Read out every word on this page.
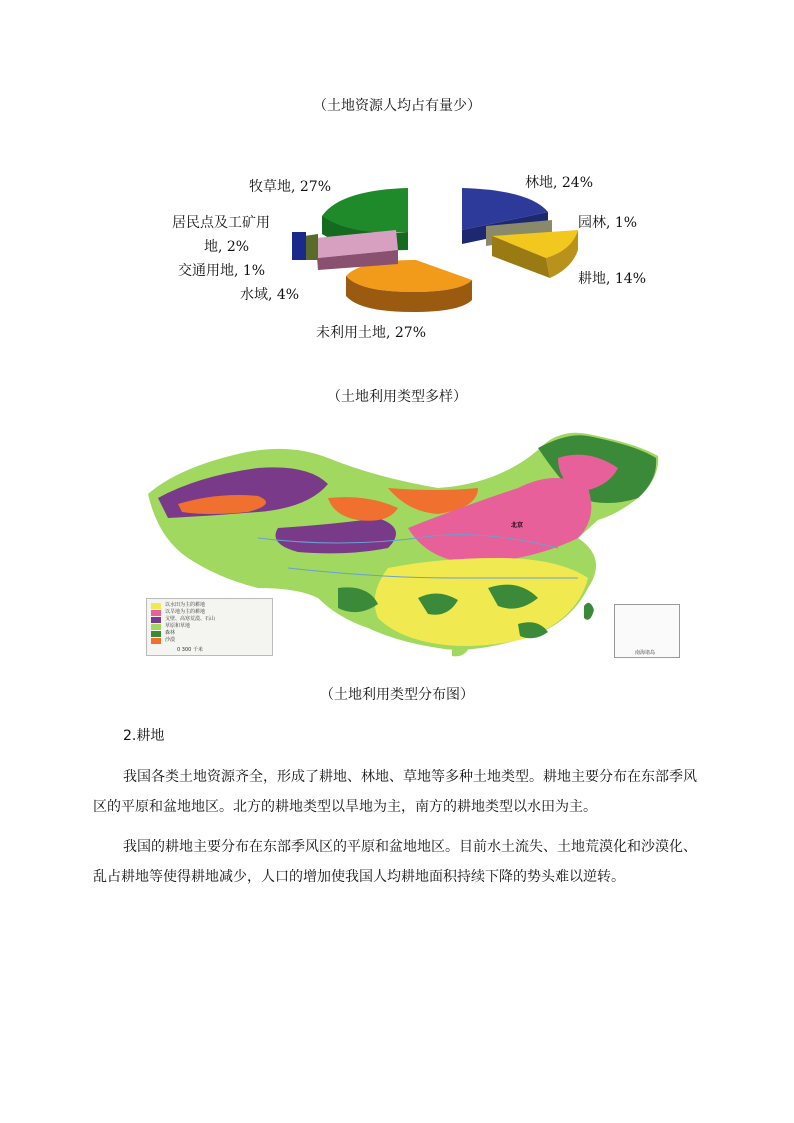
（土地资源人均占有量少）
牧草地, 27%	林地, 24%
园林, 1%
耕地, 14%
未利用土地, 27%
水域, 4%
交通用地, 1%
居民点及工矿用
地, 2%
（土地利用类型多样）
北京
以水田为主的耕地
以旱地为主的耕地
戈壁、高寒荒漠、石山
草原和草地
森林
沙漠
0 300 千米	南海诸岛
（土地利用类型分布图）
2.耕地
我国各类土地资源齐全，形成了耕地、林地、草地等多种土地类型。耕地主要分布在东部季风区的平原和盆地地区。北方的耕地类型以旱地为主，南方的耕地类型以水田为主。
我国的耕地主要分布在东部季风区的平原和盆地地区。目前水土流失、土地荒漠化和沙漠化、乱占耕地等使得耕地减少，人口的增加使我国人均耕地面积持续下降的势头难以逆转。
